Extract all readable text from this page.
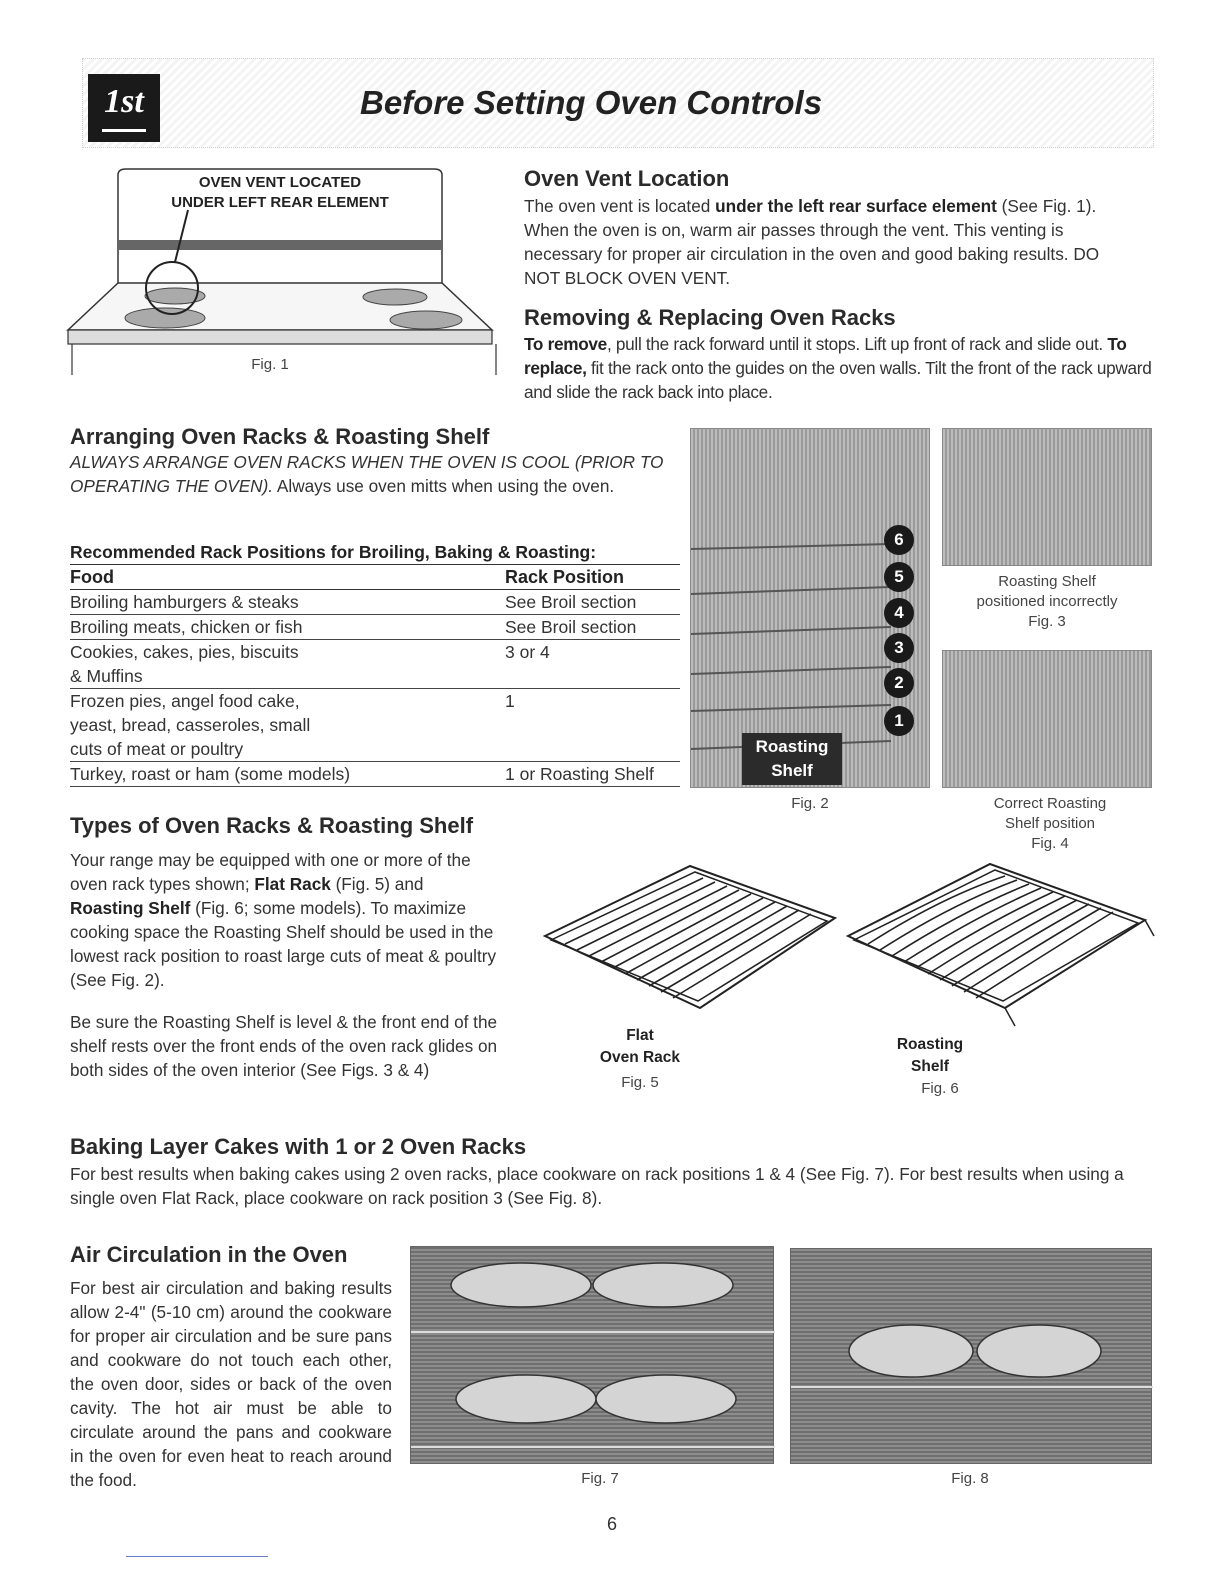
1st	Before Setting Oven Controls
OVEN VENT LOCATED
UNDER LEFT REAR ELEMENT
Fig. 1
Oven Vent Location
The oven vent is located under the left rear surface element (See Fig. 1). When the oven is on, warm air passes through the vent. This venting is necessary for proper air circulation in the oven and good baking results. DO NOT BLOCK OVEN VENT.
Removing & Replacing Oven Racks
To remove, pull the rack forward until it stops. Lift up front of rack and slide out. To replace, fit the rack onto the guides on the oven walls. Tilt the front of the rack upward and slide the rack back into place.
Arranging Oven Racks & Roasting Shelf
ALWAYS ARRANGE OVEN RACKS WHEN THE OVEN IS COOL (PRIOR TO OPERATING THE OVEN). Always use oven mitts when using the oven.
Recommended Rack Positions for Broiling, Baking & Roasting:	
Food	Rack Position
Broiling hamburgers & steaks	See Broil section
Broiling meats, chicken or fish	See Broil section
Cookies, cakes, pies, biscuits
& Muffins	3 or 4
Frozen pies, angel food cake,
yeast, bread, casseroles, small
cuts of meat or poultry	1
Turkey, roast or ham (some models)	1 or Roasting Shelf
6
5
4
3
2
1
Roasting
Shelf
Fig. 2
Roasting Shelf
positioned incorrectly
Fig. 3
Correct Roasting
Shelf position
Fig. 4
Types of Oven Racks & Roasting Shelf
Your range may be equipped with one or more of the oven rack types shown; Flat Rack (Fig. 5) and Roasting Shelf (Fig. 6; some models). To maximize cooking space the Roasting Shelf should be used in the lowest rack position to roast large cuts of meat & poultry (See Fig. 2).
Be sure the Roasting Shelf is level & the front end of the shelf rests over the front ends of the oven rack glides on both sides of the oven interior (See Figs. 3 & 4)
Flat
Oven Rack
Fig. 5
Roasting
Shelf
Fig. 6
Baking Layer Cakes with 1 or 2 Oven Racks
For best results when baking cakes using 2 oven racks, place cookware on rack positions 1 & 4 (See Fig. 7). For best results when using a single oven Flat Rack, place cookware on rack position 3 (See Fig. 8).
Air Circulation in the Oven
For best air circulation and baking results allow 2-4" (5-10 cm) around the cookware for proper air circulation and be sure pans and cookware do not touch each other, the oven door, sides or back of the oven cavity. The hot air must be able to circulate around the pans and cookware in the oven for even heat to reach around the food.	Fig. 7	Fig. 8
6
